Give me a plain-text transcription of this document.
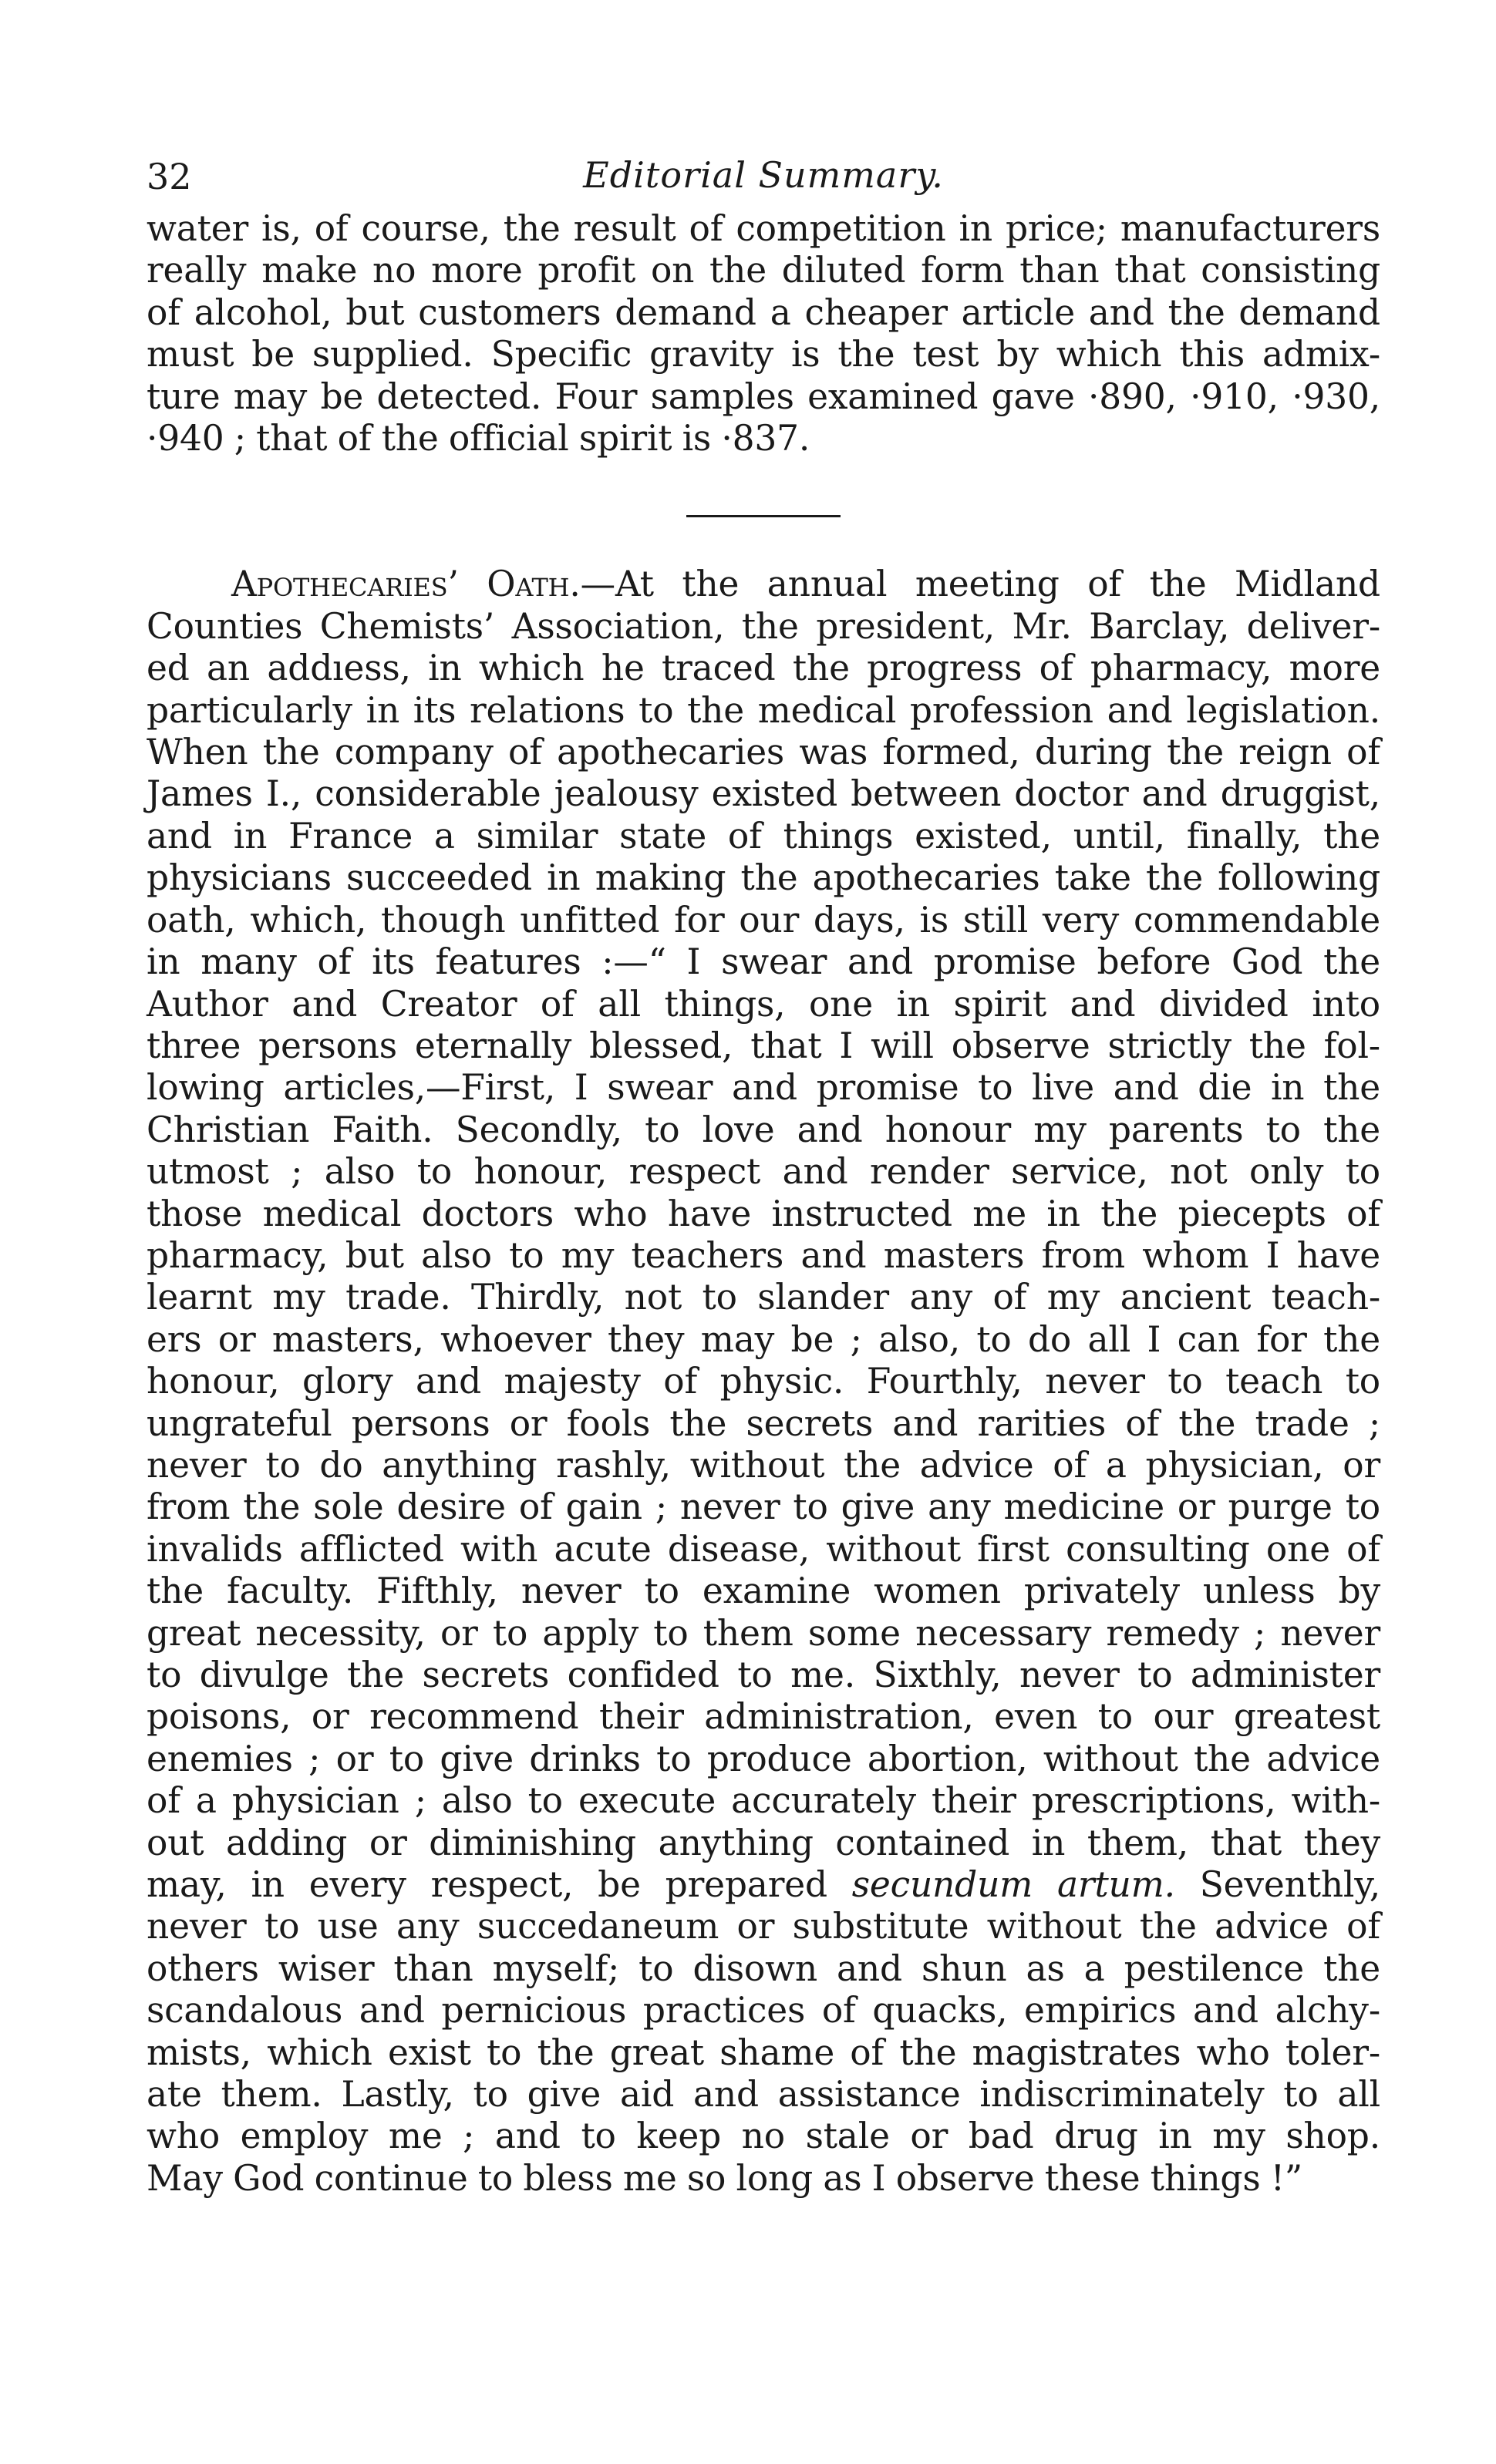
32	Editorial Summary.

water is, of course, the result of competition in price; manufacturers
really make no more profit on the diluted form than that consisting
of alcohol, but customers demand a cheaper article and the demand
must be supplied. Specific gravity is the test by which this admix-
ture may be detected. Four samples examined gave ·890, ·910, ·930,
·940 ; that of the official spirit is ·837.

Apothecaries’ Oath.—At the annual meeting of the Midland
Counties Chemists’ Association, the president, Mr. Barclay, deliver-
ed an addıess, in which he traced the progress of pharmacy, more
particularly in its relations to the medical profession and legislation.
When the company of apothecaries was formed, during the reign of
James I., considerable jealousy existed between doctor and druggist,
and in France a similar state of things existed, until, finally, the
physicians succeeded in making the apothecaries take the following
oath, which, though unfitted for our days, is still very commendable
in many of its features :—“ I swear and promise before God the
Author and Creator of all things, one in spirit and divided into
three persons eternally blessed, that I will observe strictly the fol-
lowing articles,—First, I swear and promise to live and die in the
Christian Faith. Secondly, to love and honour my parents to the
utmost ; also to honour, respect and render service, not only to
those medical doctors who have instructed me in the piecepts of
pharmacy, but also to my teachers and masters from whom I have
learnt my trade. Thirdly, not to slander any of my ancient teach-
ers or masters, whoever they may be ; also, to do all I can for the
honour, glory and majesty of physic. Fourthly, never to teach to
ungrateful persons or fools the secrets and rarities of the trade ;
never to do anything rashly, without the advice of a physician, or
from the sole desire of gain ; never to give any medicine or purge to
invalids afflicted with acute disease, without first consulting one of
the faculty. Fifthly, never to examine women privately unless by
great necessity, or to apply to them some necessary remedy ; never
to divulge the secrets confided to me. Sixthly, never to administer
poisons, or recommend their administration, even to our greatest
enemies ; or to give drinks to produce abortion, without the advice
of a physician ; also to execute accurately their prescriptions, with-
out adding or diminishing anything contained in them, that they
may, in every respect, be prepared secundum artum. Seventhly,
never to use any succedaneum or substitute without the advice of
others wiser than myself; to disown and shun as a pestilence the
scandalous and pernicious practices of quacks, empirics and alchy-
mists, which exist to the great shame of the magistrates who toler-
ate them. Lastly, to give aid and assistance indiscriminately to all
who employ me ; and to keep no stale or bad drug in my shop.
May God continue to bless me so long as I observe these things !”
